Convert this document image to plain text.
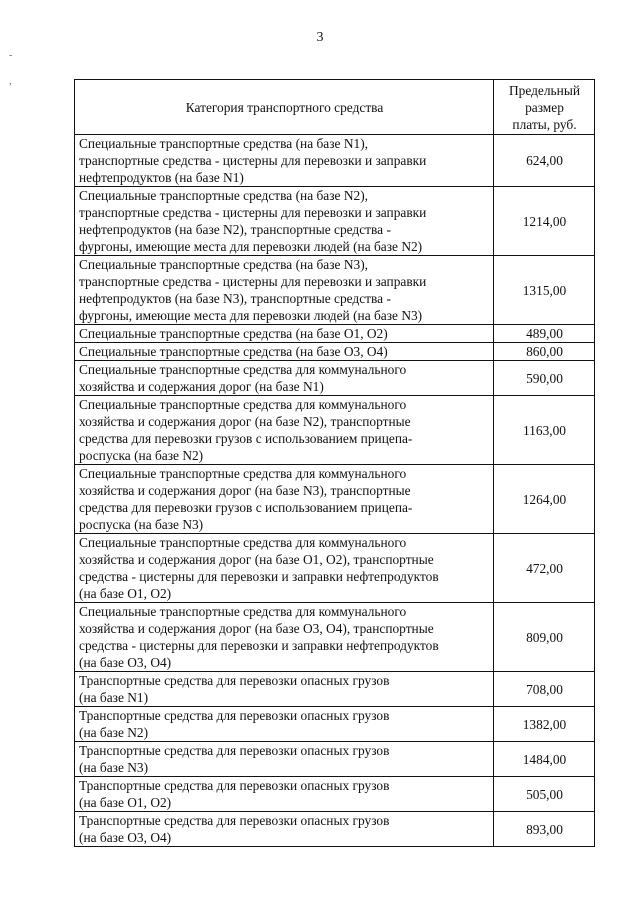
3
-
,
Категория транспортного средства	Предельный
размер
платы, руб.

Специальные транспортные средства (на базе N1),
транспортные средства - цистерны для перевозки и заправки
нефтепродуктов (на базе N1)	624,00

Специальные транспортные средства (на базе N2),
транспортные средства - цистерны для перевозки и заправки
нефтепродуктов (на базе N2), транспортные средства -
фургоны, имеющие места для перевозки людей (на базе N2)	1214,00

Специальные транспортные средства (на базе N3),
транспортные средства - цистерны для перевозки и заправки
нефтепродуктов (на базе N3), транспортные средства -
фургоны, имеющие места для перевозки людей (на базе N3)	1315,00

Специальные транспортные средства (на базе O1, O2)	489,00

Специальные транспортные средства (на базе O3, O4)	860,00

Специальные транспортные средства для коммунального
хозяйства и содержания дорог (на базе N1)	590,00

Специальные транспортные средства для коммунального
хозяйства и содержания дорог (на базе N2), транспортные
средства для перевозки грузов с использованием прицепа-
роспуска (на базе N2)	1163,00

Специальные транспортные средства для коммунального
хозяйства и содержания дорог (на базе N3), транспортные
средства для перевозки грузов с использованием прицепа-
роспуска (на базе N3)	1264,00

Специальные транспортные средства для коммунального
хозяйства и содержания дорог (на базе O1, O2), транспортные
средства - цистерны для перевозки и заправки нефтепродуктов
(на базе O1, O2)	472,00

Специальные транспортные средства для коммунального
хозяйства и содержания дорог (на базе O3, O4), транспортные
средства - цистерны для перевозки и заправки нефтепродуктов
(на базе O3, O4)	809,00

Транспортные средства для перевозки опасных грузов
(на базе N1)	708,00

Транспортные средства для перевозки опасных грузов
(на базе N2)	1382,00

Транспортные средства для перевозки опасных грузов
(на базе N3)	1484,00

Транспортные средства для перевозки опасных грузов
(на базе O1, O2)	505,00

Транспортные средства для перевозки опасных грузов
(на базе O3, O4)	893,00
